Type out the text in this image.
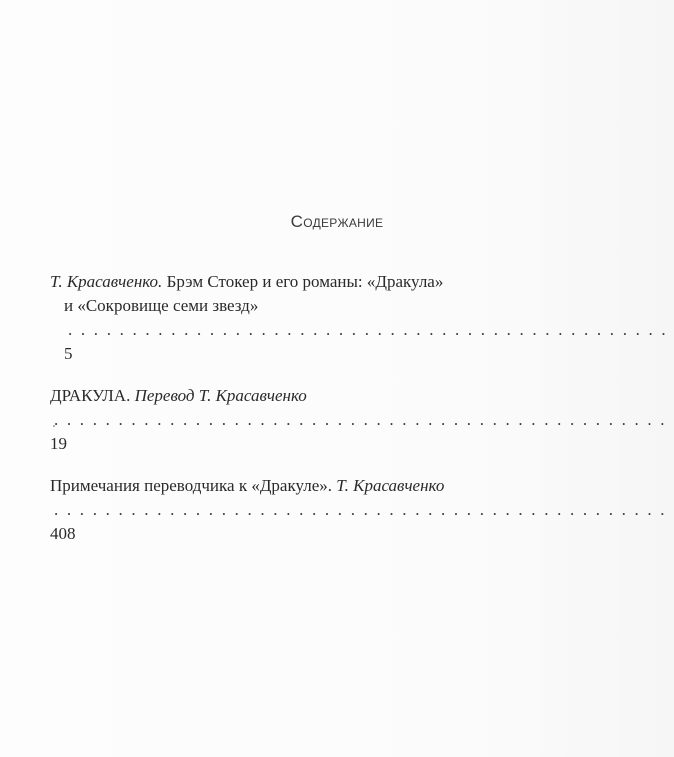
Содержание
Т. Красавченко. Брэм Стокер и его романы: «Дракула»
и «Сокровище семи звезд» . . . 5
ДРАКУЛА. Перевод Т. Красавченко . . . 19
Примечания переводчика к «Дракуле». Т. Красавченко . . . 408
